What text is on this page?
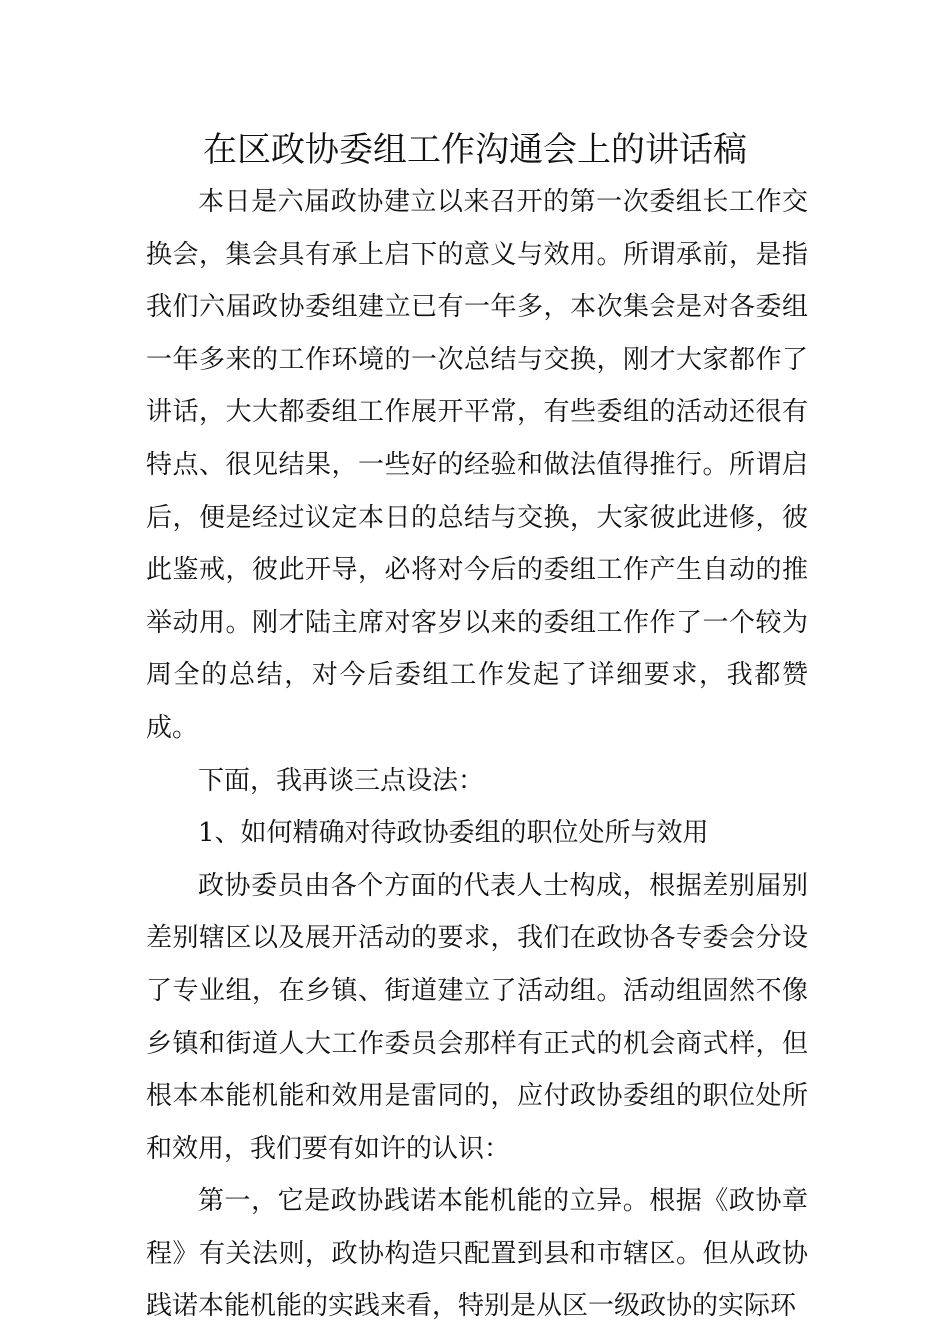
在区政协委组工作沟通会上的讲话稿

本日是六届政协建立以来召开的第一次委组长工作交换会，集会具有承上启下的意义与效用。所谓承前，是指我们六届政协委组建立已有一年多，本次集会是对各委组一年多来的工作环境的一次总结与交换，刚才大家都作了讲话，大大都委组工作展开平常，有些委组的活动还很有特点、很见结果，一些好的经验和做法值得推行。所谓启后，便是经过议定本日的总结与交换，大家彼此进修，彼此鉴戒，彼此开导，必将对今后的委组工作产生自动的推举动用。刚才陆主席对客岁以来的委组工作作了一个较为周全的总结，对今后委组工作发起了详细要求，我都赞成。

下面，我再谈三点设法：

1、如何精确对待政协委组的职位处所与效用

政协委员由各个方面的代表人士构成，根据差别届别差别辖区以及展开活动的要求，我们在政协各专委会分设了专业组，在乡镇、街道建立了活动组。活动组固然不像乡镇和街道人大工作委员会那样有正式的机会商式样，但根本本能机能和效用是雷同的，应付政协委组的职位处所和效用，我们要有如许的认识：

第一，它是政协践诺本能机能的立异。根据《政协章程》有关法则，政协构造只配置到县和市辖区。但从政协践诺本能机能的实践来看，特别是从区一级政协的实际环
